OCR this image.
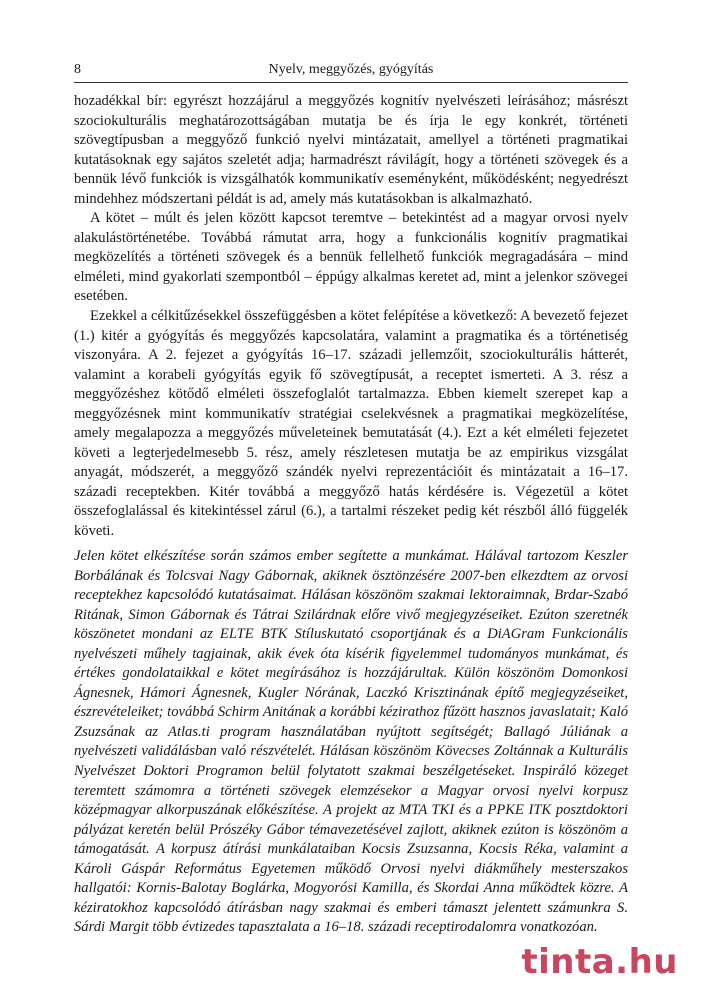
8	Nyelv, meggyőzés, gyógyítás

hozadékkal bír: egyrészt hozzájárul a meggyőzés kognitív nyelvészeti leírásához; másrészt szociokulturális meghatározottságában mutatja be és írja le egy konkrét, történeti szövegtípusban a meggyőző funkció nyelvi mintázatait, amellyel a történeti pragmatikai kutatásoknak egy sajátos szeletét adja; harmadrészt rávilágít, hogy a történeti szövegek és a bennük lévő funkciók is vizsgálhatók kommunikatív eseményként, működésként; negyedrészt mindehhez módszertani példát is ad, amely más kutatásokban is alkalmazható.

A kötet – múlt és jelen között kapcsot teremtve – betekintést ad a magyar orvosi nyelv alakulástörténetébe. Továbbá rámutat arra, hogy a funkcionális kognitív pragmatikai megközelítés a történeti szövegek és a bennük fellelhető funkciók megragadására – mind elméleti, mind gyakorlati szempontból – éppúgy alkalmas keretet ad, mint a jelenkor szövegei esetében.

Ezekkel a célkitűzésekkel összefüggésben a kötet felépítése a következő: A bevezető fejezet (1.) kitér a gyógyítás és meggyőzés kapcsolatára, valamint a pragmatika és a történetiség viszonyára. A 2. fejezet a gyógyítás 16–17. századi jellemzőit, szociokulturális hátterét, valamint a korabeli gyógyítás egyik fő szövegtípusát, a receptet ismerteti. A 3. rész a meggyőzéshez kötődő elméleti összefoglalót tartalmazza. Ebben kiemelt szerepet kap a meggyőzésnek mint kommunikatív stratégiai cselekvésnek a pragmatikai megközelítése, amely megalapozza a meggyőzés műveleteinek bemutatását (4.). Ezt a két elméleti fejezetet követi a legterjedelmesebb 5. rész, amely részletesen mutatja be az empirikus vizsgálat anyagát, módszerét, a meggyőző szándék nyelvi reprezentációit és mintázatait a 16–17. századi receptekben. Kitér továbbá a meggyőző hatás kérdésére is. Végezetül a kötet összefoglalással és kitekintéssel zárul (6.), a tartalmi részeket pedig két részből álló függelék követi.

Jelen kötet elkészítése során számos ember segítette a munkámat. Hálával tartozom Keszler Borbálának és Tolcsvai Nagy Gábornak, akiknek ösztönzésére 2007-ben elkezdtem az orvosi receptekhez kapcsolódó kutatásaimat. Hálásan köszönöm szakmai lektoraimnak, Brdar-Szabó Ritának, Simon Gábornak és Tátrai Szilárdnak előre vivő megjegyzéseiket. Ezúton szeretnék köszönetet mondani az ELTE BTK Stíluskutató csoportjának és a DiAGram Funkcionális nyelvészeti műhely tagjainak, akik évek óta kísérik figyelemmel tudományos munkámat, és értékes gondolataikkal e kötet megírásához is hozzájárultak. Külön köszönöm Domonkosi Ágnesnek, Hámori Ágnesnek, Kugler Nórának, Laczkó Krisztinának építő megjegyzéseiket, észrevételeiket; továbbá Schirm Anitának a korábbi kézirathoz fűzött hasznos javaslatait; Kaló Zsuzsának az Atlas.ti program használatában nyújtott segítségét; Ballagó Júliának a nyelvészeti validálásban való részvételét. Hálásan köszönöm Kövecses Zoltánnak a Kulturális Nyelvészet Doktori Programon belül folytatott szakmai beszélgetéseket. Inspiráló közeget teremtett számomra a történeti szövegek elemzésekor a Magyar orvosi nyelvi korpusz középmagyar alkorpuszának előkészítése. A projekt az MTA TKI és a PPKE ITK posztdoktori pályázat keretén belül Prószéky Gábor témavezetésével zajlott, akiknek ezúton is köszönöm a támogatását. A korpusz átírási munkálataiban Kocsis Zsuzsanna, Kocsis Réka, valamint a Károli Gáspár Református Egyetemen működő Orvosi nyelvi diákműhely mesterszakos hallgatói: Kornis-Balotay Boglárka, Mogyorósi Kamilla, és Skordai Anna működtek közre. A kéziratokhoz kapcsolódó átírásban nagy szakmai és emberi támaszt jelentett számunkra S. Sárdi Margit több évtizedes tapasztalata a 16–18. századi receptirodalomra vonatkozóan.

tinta.hu
